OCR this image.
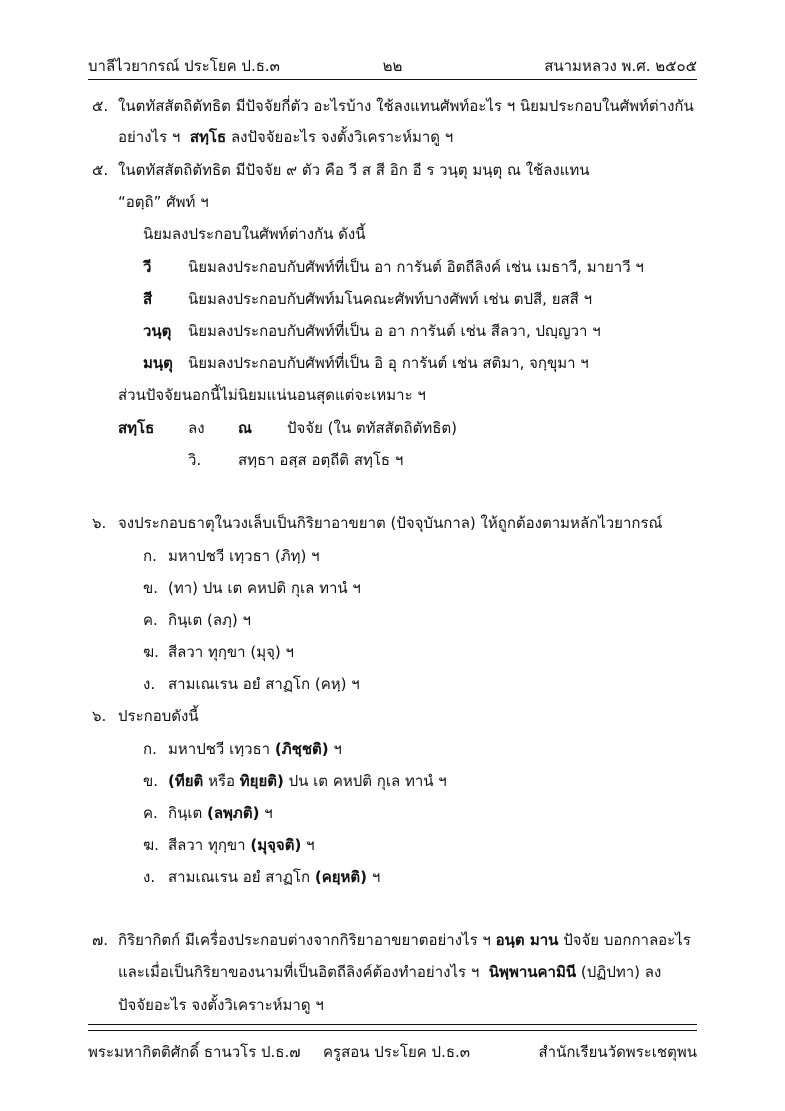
บาลีไวยากรณ์ ประโยค ป.ธ.๓	๒๒	สนามหลวง พ.ศ. ๒๕๐๕
๕. ในตทัสสัตถิตัทธิต มีปัจจัยกี่ตัว อะไรบ้าง ใช้ลงแทนศัพท์อะไร ฯ นิยมประกอบในศัพท์ต่างกัน
อย่างไร ฯ สทฺโธ ลงปัจจัยอะไร จงตั้งวิเคราะห์มาดู ฯ
๕. ในตทัสสัตถิตัทธิต มีปัจจัย ๙ ตัว คือ วี ส สี อิก อี ร วนฺตุ มนฺตุ ณ ใช้ลงแทน
“อตฺถิ” ศัพท์ ฯ
นิยมลงประกอบในศัพท์ต่างกัน ดังนี้
วี นิยมลงประกอบกับศัพท์ที่เป็น อา การันต์ อิตถีลิงค์ เช่น เมธาวี, มายาวี ฯ
สี นิยมลงประกอบกับศัพท์มโนคณะศัพท์บางศัพท์ เช่น ตปสี, ยสสี ฯ
วนฺตุ นิยมลงประกอบกับศัพท์ที่เป็น อ อา การันต์ เช่น สีลวา, ปญฺญวา ฯ
มนฺตุ นิยมลงประกอบกับศัพท์ที่เป็น อิ อุ การันต์ เช่น สติมา, จกฺขุมา ฯ
ส่วนปัจจัยนอกนี้ไม่นิยมแน่นอนสุดแต่จะเหมาะ ฯ
สทฺโธ ลง ณ ปัจจัย (ใน ตทัสสัตถิตัทธิต)
วิ. สทฺธา อสฺส อตฺถีติ สทฺโธ ฯ
๖. จงประกอบธาตุในวงเล็บเป็นกิริยาอาขยาต (ปัจจุบันกาล) ให้ถูกต้องตามหลักไวยากรณ์
ก. มหาปชวี เทฺวธา (ภิทฺ) ฯ
ข. (ทา) ปน เต คหปติ กุเล ทานํ ฯ
ค. กินฺเต (ลภฺ) ฯ
ฆ. สีลวา ทุกฺขา (มุจฺ) ฯ
ง. สามเณเรน อยํ สาฏโก (คหฺ) ฯ
๖. ประกอบดังนี้
ก. มหาปชวี เทฺวธา (ภิชฺชติ) ฯ
ข. (ทียติ หรือ ทิยฺยติ) ปน เต คหปติ กุเล ทานํ ฯ
ค. กินฺเต (ลพฺภติ) ฯ
ฆ. สีลวา ทุกฺขา (มุจฺจติ) ฯ
ง. สามเณเรน อยํ สาฏโก (คยฺหติ) ฯ
๗. กิริยากิตก์ มีเครื่องประกอบต่างจากกิริยาอาขยาตอย่างไร ฯ อนฺต มาน ปัจจัย บอกกาลอะไร
และเมื่อเป็นกิริยาของนามที่เป็นอิตถีลิงค์ต้องทำอย่างไร ฯ นิพฺพานคามินี (ปฏิปทา) ลง
ปัจจัยอะไร จงตั้งวิเคราะห์มาดู ฯ
พระมหากิตติศักดิ์ ธานวโร ป.ธ.๗ ครูสอน ประโยค ป.ธ.๓	สำนักเรียนวัดพระเชตุพน
